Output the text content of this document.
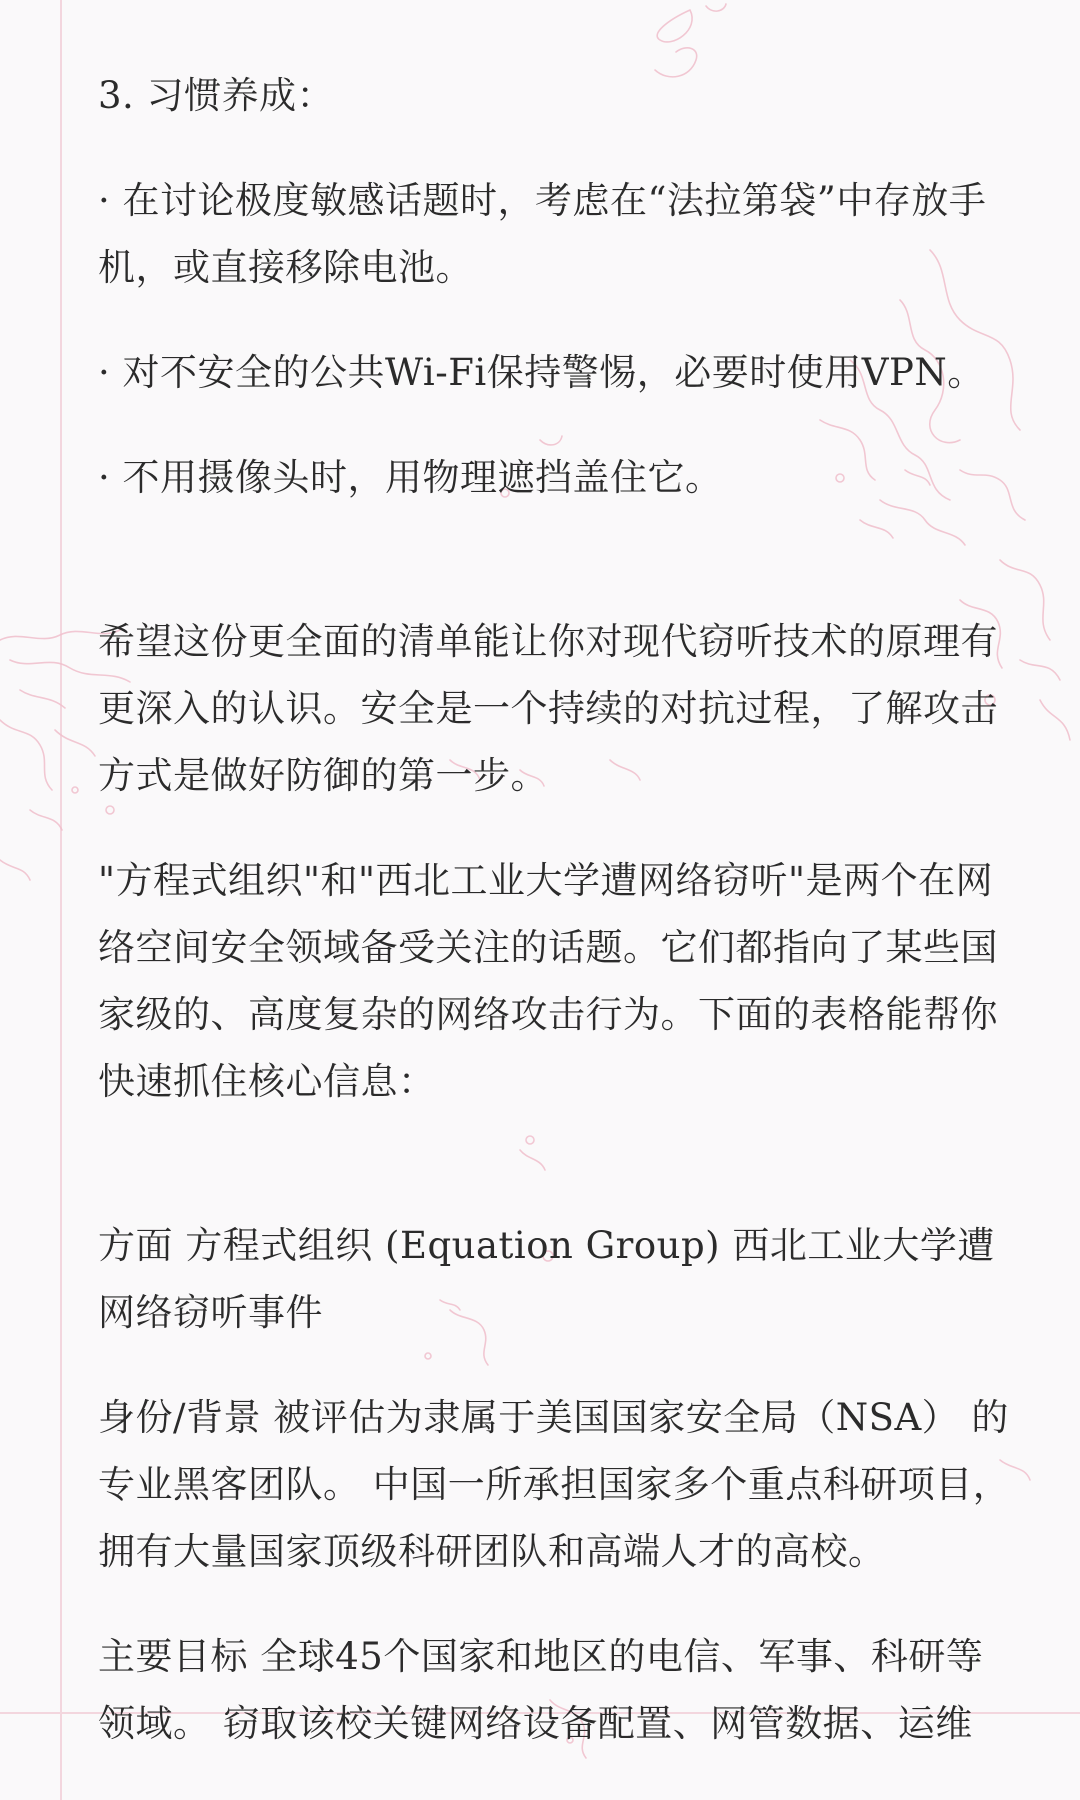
3. 习惯养成：

· 在讨论极度敏感话题时，考虑在“法拉第袋”中存放手机，或直接移除电池。

· 对不安全的公共Wi-Fi保持警惕，必要时使用VPN。

· 不用摄像头时，用物理遮挡盖住它。

希望这份更全面的清单能让你对现代窃听技术的原理有更深入的认识。安全是一个持续的对抗过程，了解攻击方式是做好防御的第一步。

"方程式组织"和"西北工业大学遭网络窃听"是两个在网络空间安全领域备受关注的话题。它们都指向了某些国家级的、高度复杂的网络攻击行为。下面的表格能帮你快速抓住核心信息：

方面 方程式组织 (Equation Group) 西北工业大学遭网络窃听事件

身份/背景 被评估为隶属于美国国家安全局（NSA） 的专业黑客团队。 中国一所承担国家多个重点科研项目，拥有大量国家顶级科研团队和高端人才的高校。

主要目标 全球45个国家和地区的电信、军事、科研等领域。 窃取该校关键网络设备配置、网管数据、运维
